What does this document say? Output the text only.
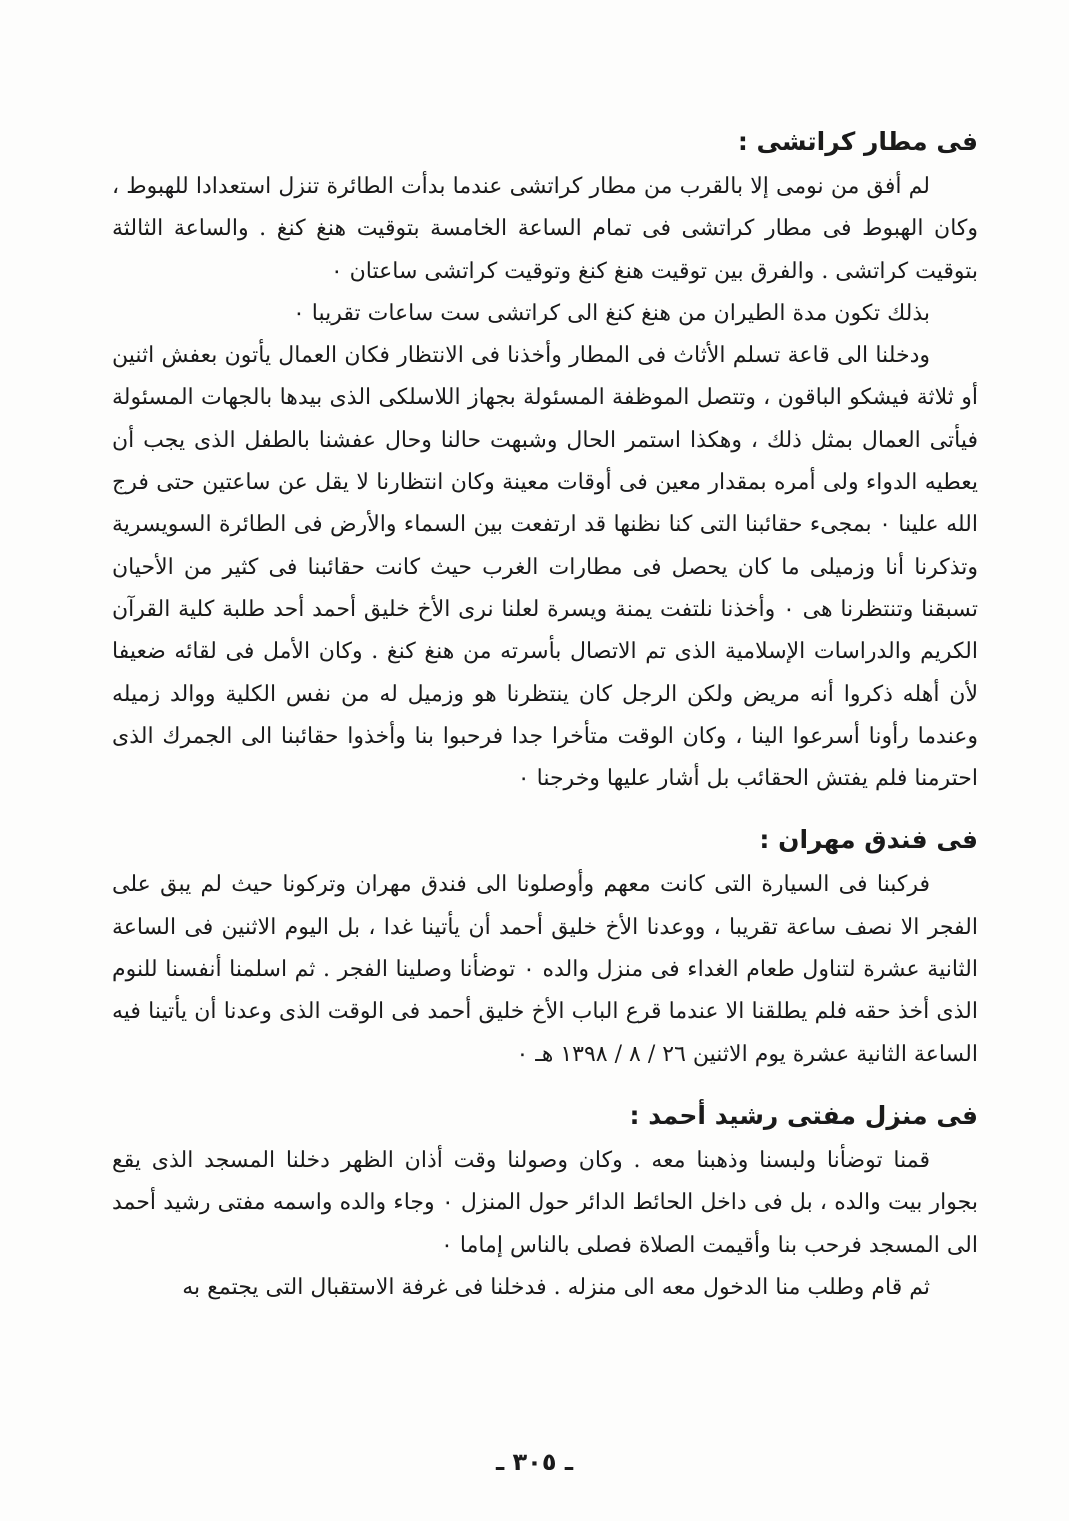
فى مطار كراتشى :

لم أفق من نومى إلا بالقرب من مطار كراتشى عندما بدأت الطائرة تنزل استعدادا للهبوط ، وكان الهبوط فى مطار كراتشى فى تمام الساعة الخامسة بتوقيت هنغ كنغ . والساعة الثالثة بتوقيت كراتشى . والفرق بين توقيت هنغ كنغ وتوقيت كراتشى ساعتان ٠

بذلك تكون مدة الطيران من هنغ كنغ الى كراتشى ست ساعات تقريبا ٠

ودخلنا الى قاعة تسلم الأثاث فى المطار وأخذنا فى الانتظار فكان العمال يأتون بعفش اثنين أو ثلاثة فيشكو الباقون ، وتتصل الموظفة المسئولة بجهاز اللاسلكى الذى بيدها بالجهات المسئولة فيأتى العمال بمثل ذلك ، وهكذا استمر الحال وشبهت حالنا وحال عفشنا بالطفل الذى يجب أن يعطيه الدواء ولى أمره بمقدار معين فى أوقات معينة وكان انتظارنا لا يقل عن ساعتين حتى فرج الله علينا ٠ بمجىء حقائبنا التى كنا نظنها قد ارتفعت بين السماء والأرض فى الطائرة السويسرية وتذكرنا أنا وزميلى ما كان يحصل فى مطارات الغرب حيث كانت حقائبنا فى كثير من الأحيان تسبقنا وتنتظرنا هى ٠ وأخذنا نلتفت يمنة ويسرة لعلنا نرى الأخ خليق أحمد أحد طلبة كلية القرآن الكريم والدراسات الإسلامية الذى تم الاتصال بأسرته من هنغ كنغ . وكان الأمل فى لقائه ضعيفا لأن أهله ذكروا أنه مريض ولكن الرجل كان ينتظرنا هو وزميل له من نفس الكلية ووالد زميله وعندما رأونا أسرعوا الينا ، وكان الوقت متأخرا جدا فرحبوا بنا وأخذوا حقائبنا الى الجمرك الذى احترمنا فلم يفتش الحقائب بل أشار عليها وخرجنا ٠

فى فندق مهران :

فركبنا فى السيارة التى كانت معهم وأوصلونا الى فندق مهران وتركونا حيث لم يبق على الفجر الا نصف ساعة تقريبا ، ووعدنا الأخ خليق أحمد أن يأتينا غدا ، بل اليوم الاثنين فى الساعة الثانية عشرة لتناول طعام الغداء فى منزل والده ٠ توضأنا وصلينا الفجر . ثم اسلمنا أنفسنا للنوم الذى أخذ حقه فلم يطلقنا الا عندما قرع الباب الأخ خليق أحمد فى الوقت الذى وعدنا أن يأتينا فيه الساعة الثانية عشرة يوم الاثنين ٢٦ / ٨ / ١٣٩٨ هـ ٠

فى منزل مفتى رشيد أحمد :

قمنا توضأنا ولبسنا وذهبنا معه . وكان وصولنا وقت أذان الظهر دخلنا المسجد الذى يقع بجوار بيت والده ، بل فى داخل الحائط الدائر حول المنزل ٠ وجاء والده واسمه مفتى رشيد أحمد الى المسجد فرحب بنا وأقيمت الصلاة فصلى بالناس إماما ٠

ثم قام وطلب منا الدخول معه الى منزله . فدخلنا فى غرفة الاستقبال التى يجتمع به

ـ ٣٠٥ ـ
